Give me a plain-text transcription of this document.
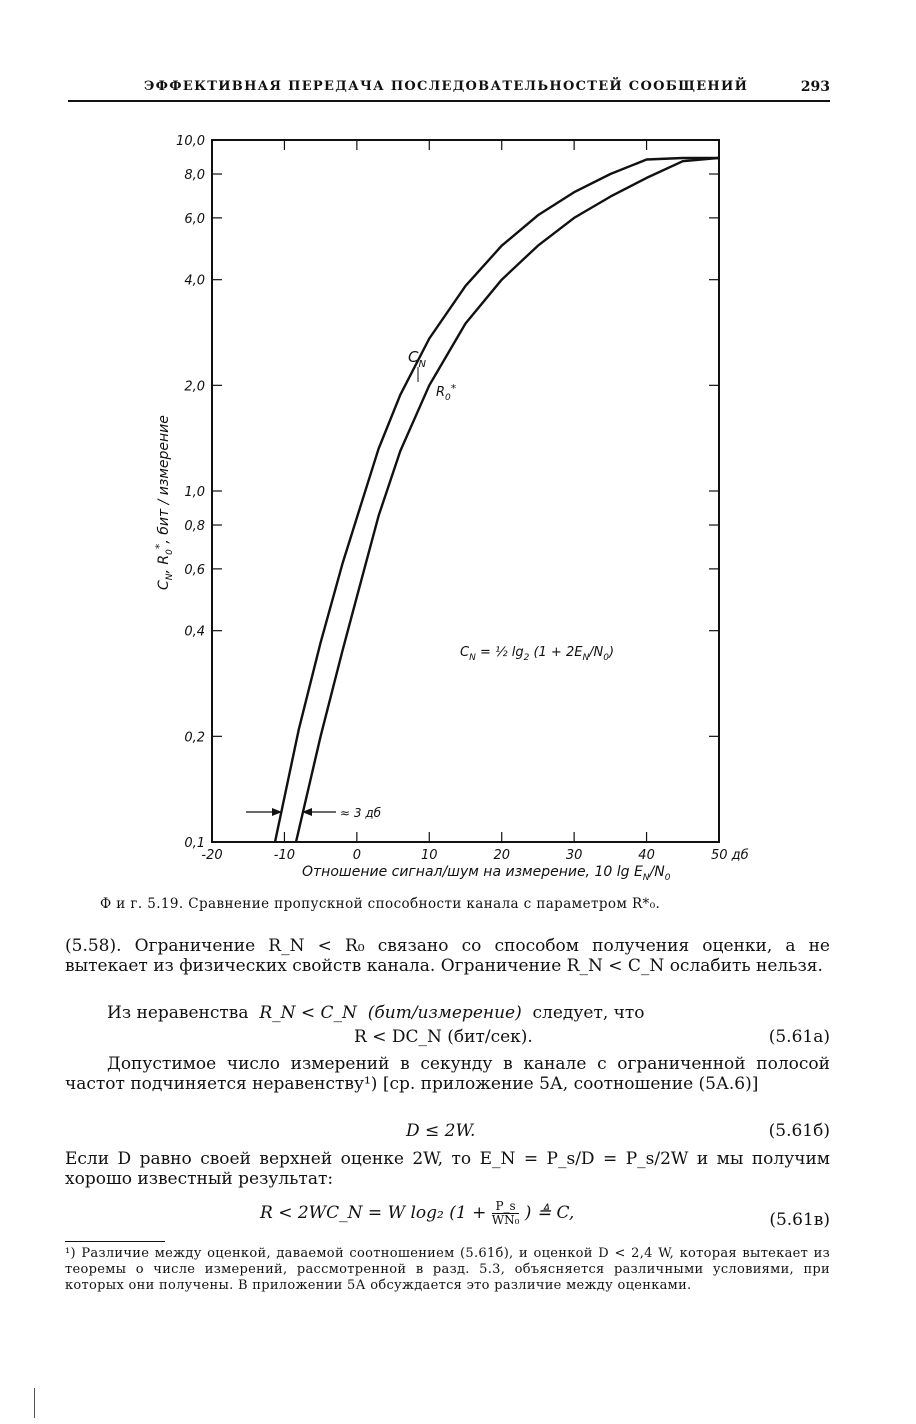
ЭФФЕКТИВНАЯ ПЕРЕДАЧА ПОСЛЕДОВАТЕЛЬНОСТЕЙ СООБЩЕНИЙ	293
0,1
0,2
0,4
0,6
0,8
1,0
2,0
4,0
6,0
8,0
10,0
-20	-10	0	10	20	30	40	50 дб
$C_N$
$R_0^*$
$C_N$ = ½ $\lg_2 (1 + 2E_N/N_0)$
≈ 3 дб
Отношение сигнал/шум на измерение, 10 $\lg E_N/N_0$
$C_N$, $R_0^*$, бит / измерение
Ф и г. 5.19. Сравнение пропускной способности канала с параметром R*₀.
(5.58). Ограничение R_N < R₀ связано со способом получения оценки, а не вытекает из физических свойств канала. Ограничение R_N < C_N ослабить нельзя.
Из неравенства R_N < C_N (бит/измерение) следует, что
R < DC_N (бит/сек).	(5.61а)
Допустимое число измерений в секунду в канале с ограниченной полосой частот подчиняется неравенству¹) [ср. приложение 5А, соотношение (5А.6)]
D ≤ 2W.	(5.61б)
Если D равно своей верхней оценке 2W, то E_N = P_s/D = P_s/2W и мы получим хорошо известный результат:
R < 2WC_N = W log₂ ($1 + \frac{P\_s}{\text{WN₀}}$ ) ≜ C,	(5.61в)
¹) Различие между оценкой, даваемой соотношением (5.61б), и оценкой D < 2,4 W, которая вытекает из теоремы о числе измерений, рассмотренной в разд. 5.3, объясняется различными условиями, при которых они получены. В приложении 5А обсуждается это различие между оценками.
